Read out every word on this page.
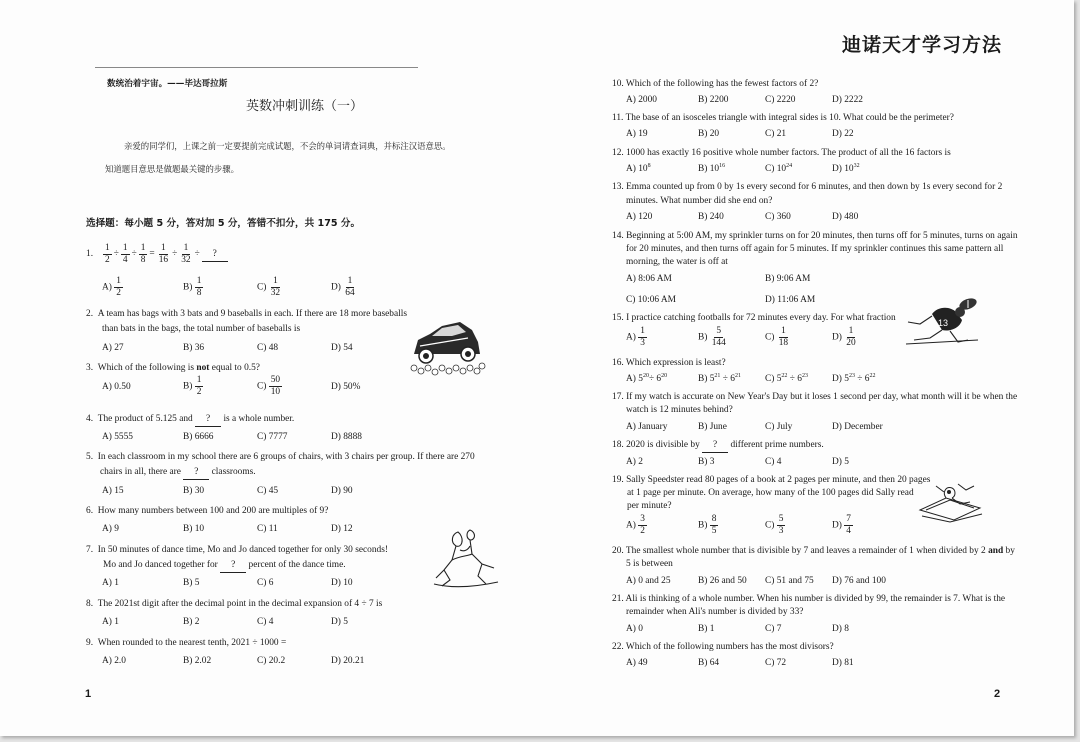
迪诺天才学习方法
数统治着宇宙。——毕达哥拉斯
英数冲刺训练（一）
亲爱的同学们，上课之前一定要提前完成试题，不会的单词请查词典，并标注汉语意思。
知道题目意思是做题最关键的步骤。
选择题：每小题 5 分，答对加 5 分，答错不扣分，共 175 分。
1. $\frac{1}{2} \div \frac{1}{4} \div \frac{1}{8} = \frac{1}{16} \div \frac{1}{32}$ ÷	?
$A) \frac{1}{2}$	$B) \frac{1}{8}$	$C) \frac{1}{32}$	$D) \frac{1}{64}$
2. A team has bags with 3 bats and 9 baseballs in each. If there are 18 more baseballs
than bats in the bags, the total number of baseballs is
A) 27	B) 36	C) 48	D) 54
3. Which of the following is not equal to 0.5?
A) 0.50	$B) \frac{1}{2}$	$C) \frac{50}{10}$	D) 50%
4. The product of 5.125 and ? is a whole number.
A) 5555	B) 6666	C) 7777	D) 8888
5. In each classroom in my school there are 6 groups of chairs, with 3 chairs per group. If there are 270
chairs in all, there are ? classrooms.
A) 15	B) 30	C) 45	D) 90
6. How many numbers between 100 and 200 are multiples of 9?
A) 9	B) 10	C) 11	D) 12
7. In 50 minutes of dance time, Mo and Jo danced together for only 30 seconds!
Mo and Jo danced together for ? percent of the dance time.
A) 1	B) 5	C) 6	D) 10
8. The 2021st digit after the decimal point in the decimal expansion of 4 ÷ 7 is
A) 1	B) 2	C) 4	D) 5
9. When rounded to the nearest tenth, 2021 ÷ 1000 =
A) 2.0	B) 2.02	C) 20.2	D) 20.21
1
10. Which of the following has the fewest factors of 2?
A) 2000	B) 2200	C) 2220	D) 2222
11. The base of an isosceles triangle with integral sides is 10. What could be the perimeter?
A) 19	B) 20	C) 21	D) 22
12. 1000 has exactly 16 positive whole number factors. The product of all the 16 factors is
A) $10^8$	B) $10^{16}$	C) $10^{24}$	D) $10^{32}$
13. Emma counted up from 0 by 1s every second for 6 minutes, and then down by 1s every second for 2
minutes. What number did she end on?
A) 120	B) 240	C) 360	D) 480
14. Beginning at 5:00 AM, my sprinkler turns on for 20 minutes, then turns off for 5 minutes, turns on again
for 20 minutes, and then turns off again for 5 minutes. If my sprinkler continues this same pattern all
morning, the water is off at
A) 8:06 AM	B) 9:06 AM
C) 10:06 AM	D) 11:06 AM
15. I practice catching footballs for 72 minutes every day. For what fraction
$A) \frac{1}{3}$	$B) \frac{5}{144}$	$C) \frac{1}{18}$	$D) \frac{1}{20}$
13
16. Which expression is least?
A) $5^{20}\div 6^{20}$	B) $5^{21} \div 6^{21}$	C) $5^{22} \div 6^{23}$	D) $5^{23} \div 6^{22}$
17. If my watch is accurate on New Year's Day but it loses 1 second per day, what month will it be when the
watch is 12 minutes behind?
A) January	B) June	C) July	D) December
18. 2020 is divisible by ? different prime numbers.
A) 2	B) 3	C) 4	D) 5
19. Sally Speedster read 80 pages of a book at 2 pages per minute, and then 20 pages
at 1 page per minute. On average, how many of the 100 pages did Sally read
per minute?
$A) \frac{3}{2}$	$B) \frac{8}{5}$	$C) \frac{5}{3}$	$D) \frac{7}{4}$
20. The smallest whole number that is divisible by 7 and leaves a remainder of 1 when divided by 2 and by
5 is between
A) 0 and 25	B) 26 and 50 C) 51 and 75 D) 76 and 100
21. Ali is thinking of a whole number. When his number is divided by 99, the remainder is 7. What is the
remainder when Ali's number is divided by 33?
A) 0	B) 1	C) 7	D) 8
22. Which of the following numbers has the most divisors?
A) 49	B) 64	C) 72	D) 81
2
